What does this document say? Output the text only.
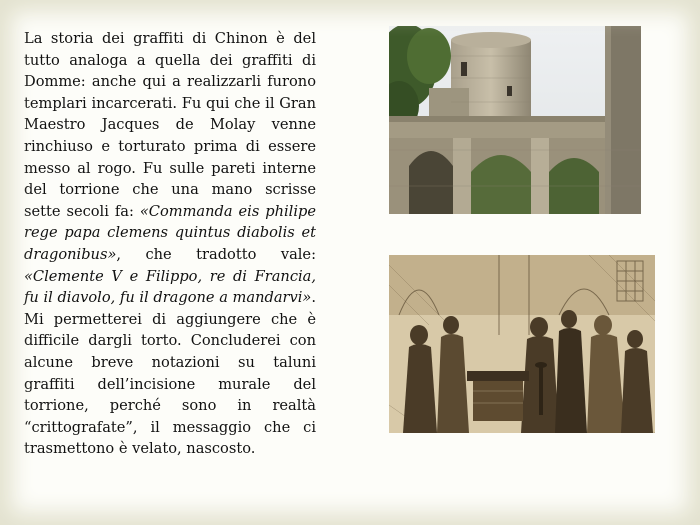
La storia dei graffiti di Chinon è del tutto analoga a quella dei graffiti di Domme: anche qui a realizzarli furono templari incarcerati. Fu qui che il Gran Maestro Jacques de Molay venne rinchiuso e torturato prima di essere messo al rogo. Fu sulle pareti interne del torrione che una mano scrisse sette secoli fa: «Commanda eis philipe rege papa clemens quintus diabolis et dragonibus», che tradotto vale: «Clemente V e Filippo, re di Francia, fu il diavolo, fu il dragone a mandarvi». Mi permetterei di aggiungere che è difficile dargli torto. Concluderei con alcune breve notazioni su taluni graffiti dell’incisione murale del torrione, perché sono in realtà “crittografate”, il messaggio che ci trasmettono è velato, nascosto.
